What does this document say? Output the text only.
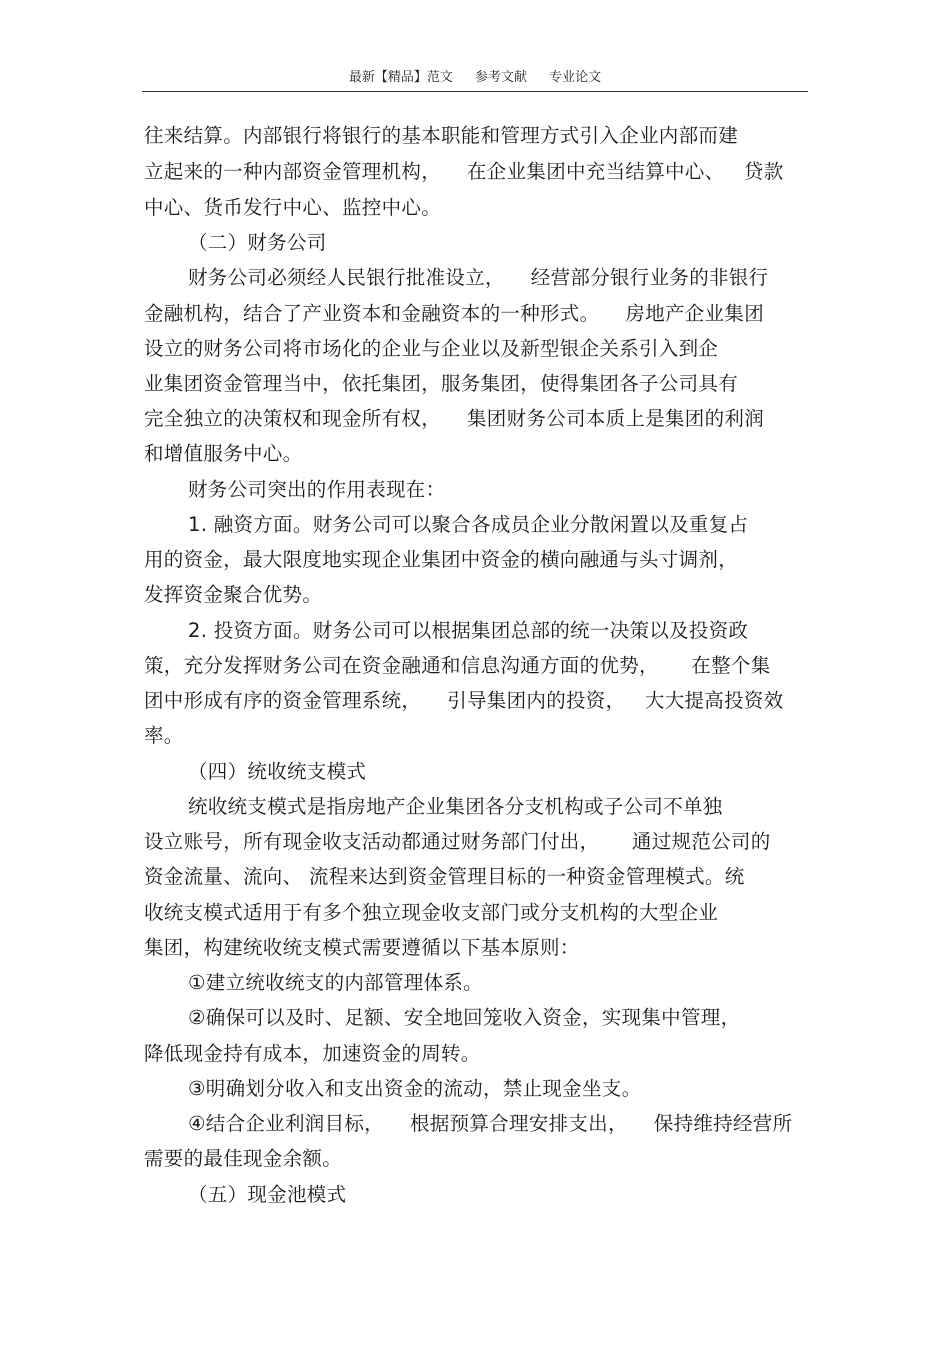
最新【精品】范文 参考文献 专业论文
往来结算。内部银行将银行的基本职能和管理方式引入企业内部而建
立起来的一种内部资金管理机构，    在企业集团中充当结算中心、   贷款
中心、货币发行中心、监控中心。
（二）财务公司
财务公司必须经人民银行批准设立，    经营部分银行业务的非银行
金融机构，结合了产业资本和金融资本的一种形式。    房地产企业集团
设立的财务公司将市场化的企业与企业以及新型银企关系引入到企
业集团资金管理当中，依托集团，服务集团，使得集团各子公司具有
完全独立的决策权和现金所有权，    集团财务公司本质上是集团的利润
和增值服务中心。
财务公司突出的作用表现在：
1. 融资方面。财务公司可以聚合各成员企业分散闲置以及重复占
用的资金，最大限度地实现企业集团中资金的横向融通与头寸调剂，
发挥资金聚合优势。
2. 投资方面。财务公司可以根据集团总部的统一决策以及投资政
策，充分发挥财务公司在资金融通和信息沟通方面的优势，     在整个集
团中形成有序的资金管理系统，    引导集团内的投资，   大大提高投资效
率。
（四）统收统支模式
统收统支模式是指房地产企业集团各分支机构或子公司不单独
设立账号，所有现金收支活动都通过财务部门付出，     通过规范公司的
资金流量、流向、 流程来达到资金管理目标的一种资金管理模式。统
收统支模式适用于有多个独立现金收支部门或分支机构的大型企业
集团，构建统收统支模式需要遵循以下基本原则：
①建立统收统支的内部管理体系。
②确保可以及时、足额、安全地回笼收入资金，实现集中管理，
降低现金持有成本，加速资金的周转。
③明确划分收入和支出资金的流动，禁止现金坐支。
④结合企业利润目标，    根据预算合理安排支出，    保持维持经营所
需要的最佳现金余额。
（五）现金池模式
